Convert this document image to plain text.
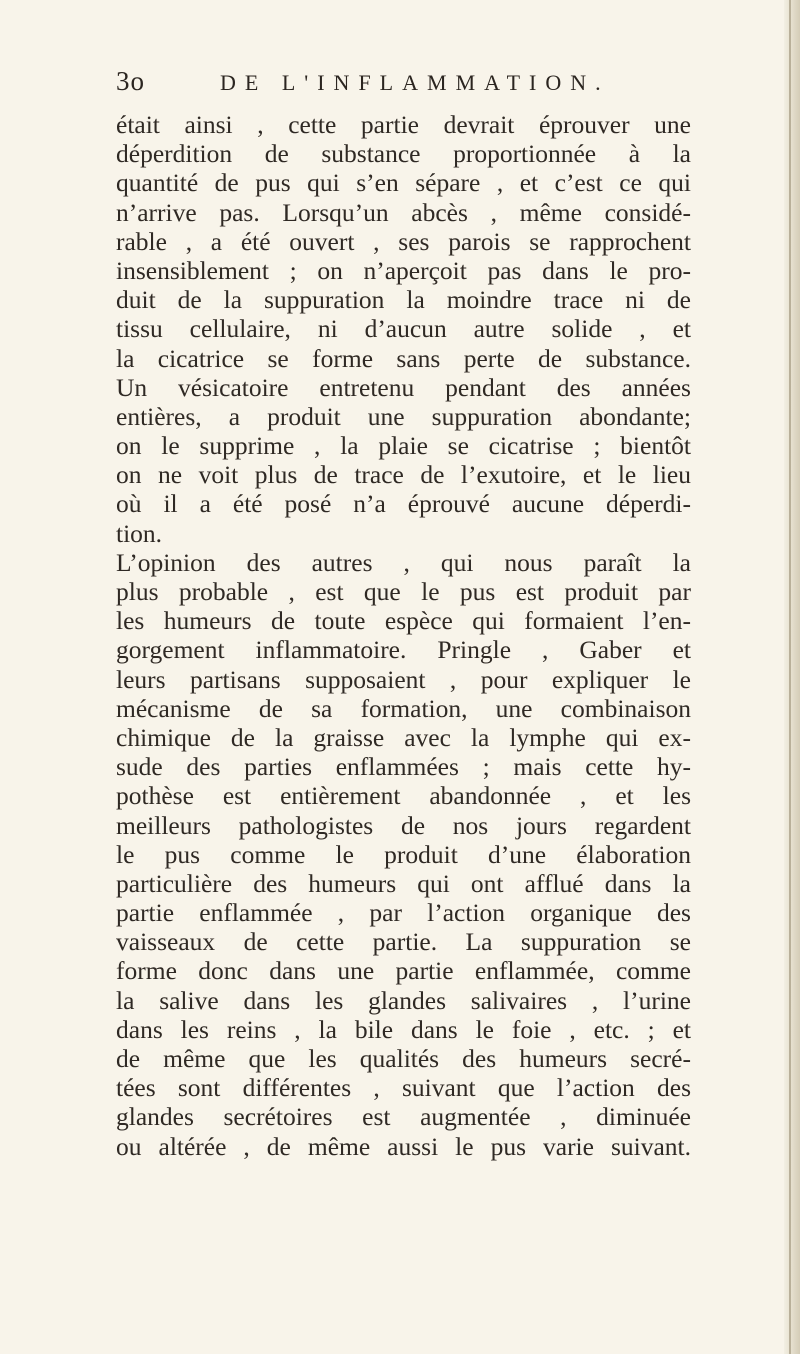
3o	DE L'INFLAMMATION.
était ainsi , cette partie devrait éprouver une
déperdition de substance proportionnée à la
quantité de pus qui s’en sépare , et c’est ce qui
n’arrive pas. Lorsqu’un abcès , même considé-
rable , a été ouvert , ses parois se rapprochent
insensiblement ; on n’aperçoit pas dans le pro-
duit de la suppuration la moindre trace ni de
tissu cellulaire, ni d’aucun autre solide , et
la cicatrice se forme sans perte de substance.
Un vésicatoire entretenu pendant des années
entières, a produit une suppuration abondante;
on le supprime , la plaie se cicatrise ; bientôt
on ne voit plus de trace de l’exutoire, et le lieu
où il a été posé n’a éprouvé aucune déperdi-
tion.
L’opinion des autres , qui nous paraît la
plus probable , est que le pus est produit par
les humeurs de toute espèce qui formaient l’en-
gorgement inflammatoire. Pringle , Gaber et
leurs partisans supposaient , pour expliquer le
mécanisme de sa formation, une combinaison
chimique de la graisse avec la lymphe qui ex-
sude des parties enflammées ; mais cette hy-
pothèse est entièrement abandonnée , et les
meilleurs pathologistes de nos jours regardent
le pus comme le produit d’une élaboration
particulière des humeurs qui ont afflué dans la
partie enflammée , par l’action organique des
vaisseaux de cette partie. La suppuration se
forme donc dans une partie enflammée, comme
la salive dans les glandes salivaires , l’urine
dans les reins , la bile dans le foie , etc. ; et
de même que les qualités des humeurs secré-
tées sont différentes , suivant que l’action des
glandes secrétoires est augmentée , diminuée
ou altérée , de même aussi le pus varie suivant.
